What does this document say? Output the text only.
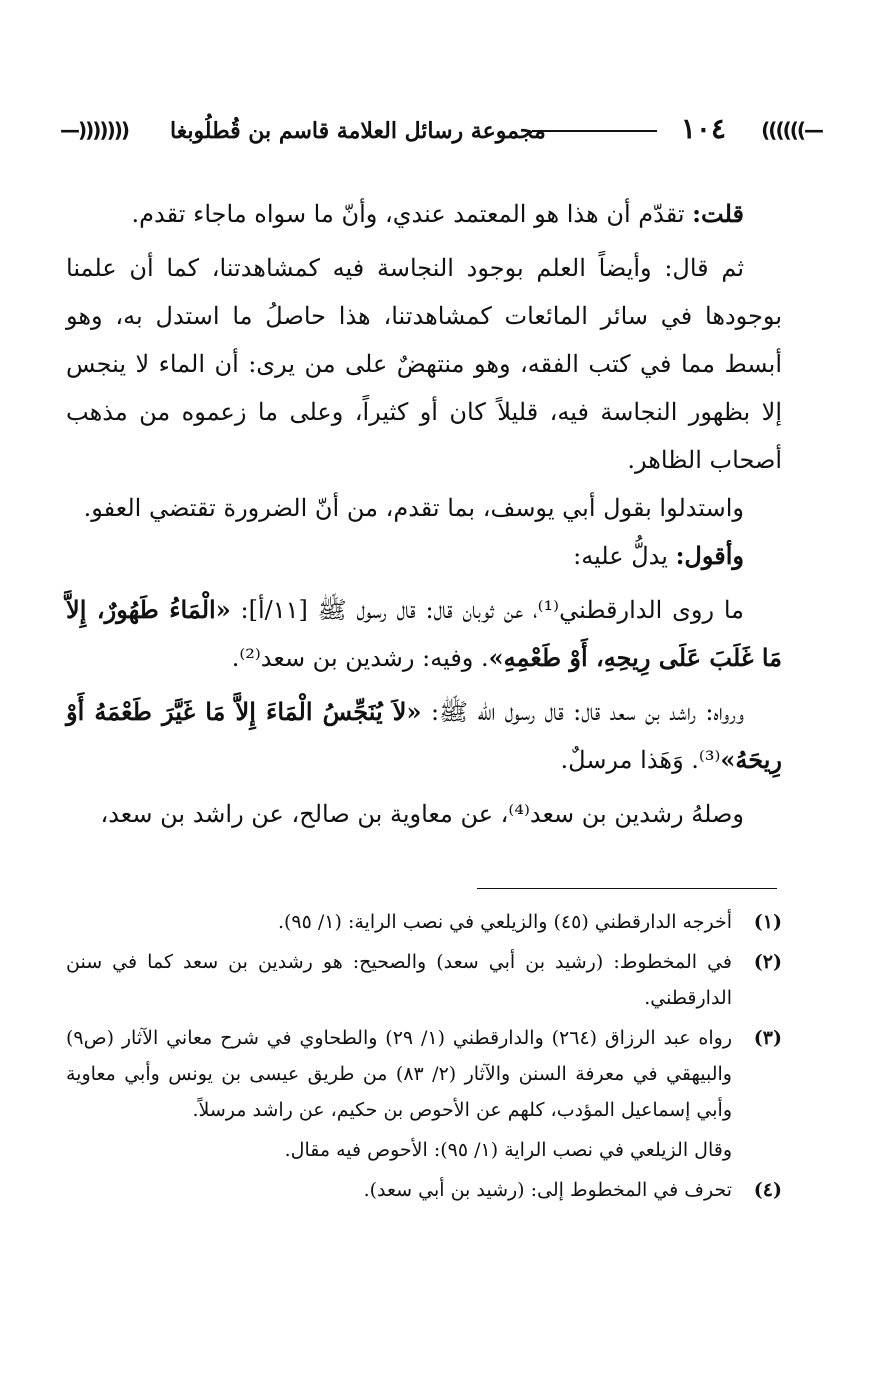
—))))))
١٠٤
مجموعة رسائل العلامة قاسم بن قُطلُوبغا
(((((((—

قلت: تقدّم أن هذا هو المعتمد عندي، وأنّ ما سواه ماجاء تقدم.

ثم قال: وأيضاً العلم بوجود النجاسة فيه كمشاهدتنا، كما أن علمنا بوجودها في سائر المائعات كمشاهدتنا، هذا حاصلُ ما استدل به، وهو أبسط مما في كتب الفقه، وهو منتهضٌ على من يرى: أن الماء لا ينجس إلا بظهور النجاسة فيه، قليلاً كان أو كثيراً، وعلى ما زعموه من مذهب أصحاب الظاهر.

واستدلوا بقول أبي يوسف، بما تقدم، من أنّ الضرورة تقتضي العفو.

وأقول: يدلُّ عليه:

ما روى الدارقطني⁽¹⁾، عن ثوبان قال: قال رسول ﷺ [١١/أ]: «الْمَاءُ طَهُورٌ، إِلاَّ مَا غَلَبَ عَلَى رِيحِهِ، أَوْ طَعْمِهِ». وفيه: رشدين بن سعد⁽²⁾.

ورواه: راشد بن سعد قال: قال رسول الله ﷺ: «لاَ يُنَجِّسُ الْمَاءَ إِلاَّ مَا غَيَّرَ طَعْمَهُ أَوْ رِيحَهُ»⁽³⁾. وَهَذا مرسلٌ.

وصلهُ رشدين بن سعد⁽⁴⁾، عن معاوية بن صالح، عن راشد بن سعد،

(١)
أخرجه الدارقطني (٤٥) والزيلعي في نصب الراية: (١/ ٩٥).
(٢)
في المخطوط: (رشيد بن أبي سعد) والصحيح: هو رشدين بن سعد كما في سنن الدارقطني.
(٣)
رواه عبد الرزاق (٢٦٤) والدارقطني (١/ ٢٩) والطحاوي في شرح معاني الآثار (ص٩) والبيهقي في معرفة السنن والآثار (٢/ ٨٣) من طريق عيسى بن يونس وأبي معاوية وأبي إسماعيل المؤدب، كلهم عن الأحوص بن حكيم، عن راشد مرسلاً.
وقال الزيلعي في نصب الراية (١/ ٩٥): الأحوص فيه مقال.
(٤)
تحرف في المخطوط إلى: (رشيد بن أبي سعد).
